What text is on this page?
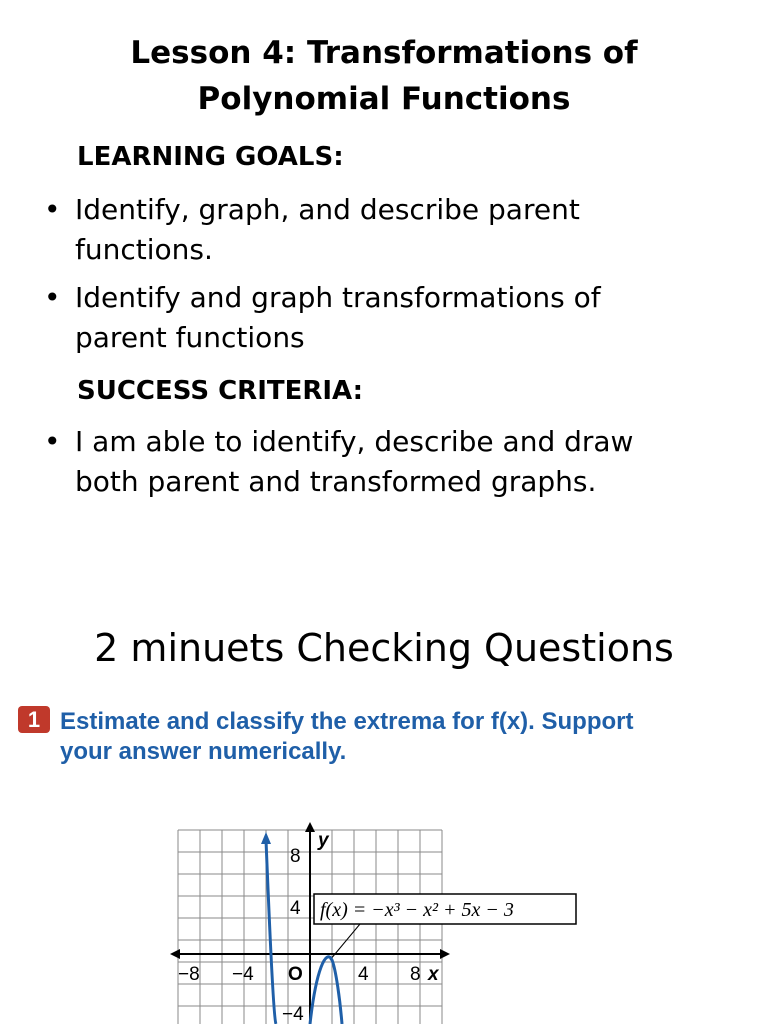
Lesson 4: Transformations of
Polynomial Functions
LEARNING GOALS:
• Identify, graph, and describe parent functions.
• Identify and graph transformations of parent functions
SUCCESS CRITERIA:
• I am able to identify, describe and draw both parent and transformed graphs.
2 minuets Checking Questions
1 Estimate and classify the extrema for f(x). Support
your answer numerically.
−8 −4	4 8
8
4
−4
O	x
y
f(x) = −x³ − x² + 5x − 3
